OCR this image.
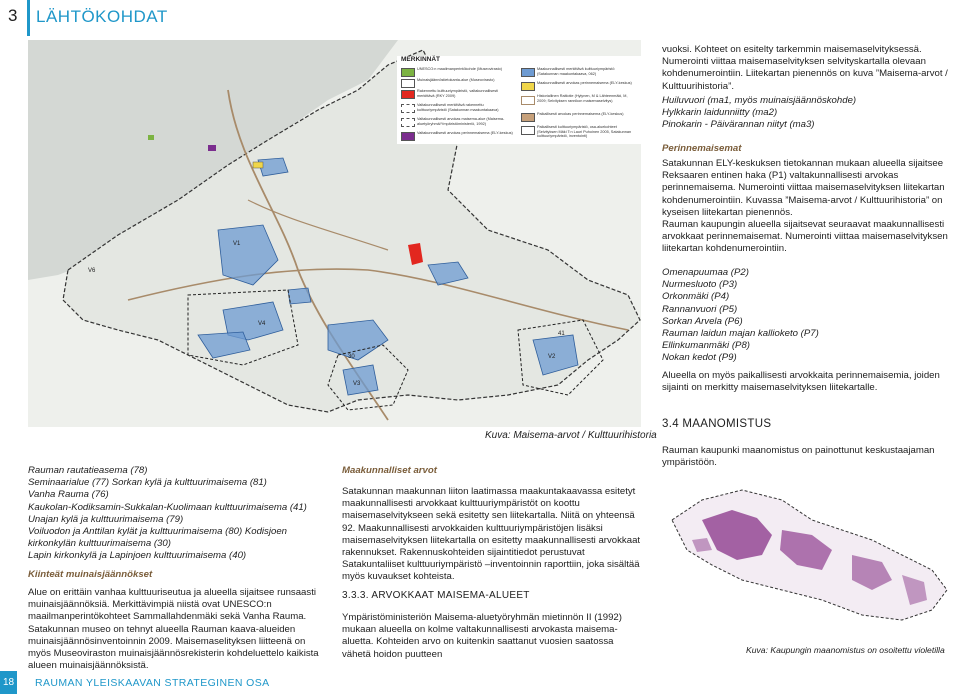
3 LÄHTÖKOHDAT
V1
V2
V3
V4
V6
30
41
MERKINNÄT
UNESCO:n maailmanperintökohde (Museovirasto)
Muinaisjäännöstietokanta-alue (Museovirasto)
Rakennettu kulttuuriympäristö, valtakunnallisesti merkittävä (RKY 2009)
Valtakunnallisesti merkittävä rakennettu kulttuuriympäristö (Satakunnan maakuntakaava)
Valtakunnallisesti arvokas maisema-alue (Maisema-aluetyöryhmä/Ympäristöministeriö, 1992)
Valtakunnallisesti arvokas perinnemaisema (ELY-keskus)
Maakunnallisesti merkittävä kulttuuriympäristö (Satakunnan maakuntakaava, 062)
Maakunnallisesti arvokas perinnemaisema (ELY-keskus)
Historiallinen Raitiotie (Hylynen, M & Lähteenmäki, M, 2009; Selvityksen rannikon maisemaselvitys)
Paikallisesti arvokas perinnemaisema (ELY-keskus)
Paikallisesti kulttuuriympäristö, osa-aluekohteet (Selvityksen Mäki T:n Lauri Puhoinen 2005, Satakunnan kulttuuriympäristö, inventointi)
Kuva: Maisema-arvot / Kulttuurihistoria
vuoksi. Kohteet on esitelty tarkemmin maisemaselvityksessä. Numerointi viittaa maisemaselvityksen selvityskartalla olevaan kohdenumerointiin. Liitekartan pienennös on kuva ”Maisema-arvot / Kulttuurihistoria”.
Huiluvuori (ma1, myös muinaisjäännöskohde)
Hylkkarin laidunniitty (ma2)
Pinokarin - Päivärannan niityt (ma3)
Perinnemaisemat
Satakunnan ELY-keskuksen tietokannan mukaan alueella sijaitsee Reksaaren entinen haka (P1) valtakunnallisesti arvokas perinnemaisema. Numerointi viittaa maisemaselvityksen liitekartan kohdenumerointiin. Kuvassa ”Maisema-arvot / Kulttuurihistoria” on kyseisen liitekartan pienennös.
Rauman kaupungin alueella sijaitsevat seuraavat maakunnallisesti arvokkaat perinnemaisemat. Numerointi viittaa maisemaselvityksen liitekartan kohdenumerointiin.
Omenapuumaa (P2)
Nurmesluoto (P3)
Orkonmäki (P4)
Rannanvuori (P5)
Sorkan Arvela (P6)
Rauman laidun majan kallioketo (P7)
Ellinkumanmäki (P8)
Nokan kedot (P9)
Alueella on myös paikallisesti arvokkaita perinnemaisemia, joiden sijainti on merkitty maisemaselvityksen liitekartalle.
3.4 MAANOMISTUS
Rauman kaupunki maanomistus on painottunut keskustaajaman ympäristöön.
Kuva: Kaupungin maanomistus on osoitettu violetilla
Rauman rautatieasema (78)
Seminaarialue (77) Sorkan kylä ja kulttuurimaisema (81)
Vanha Rauma (76)
Kaukolan-Kodiksamin-Sukkalan-Kuolimaan kulttuurimaisema (41)
Unajan kylä ja kulttuurimaisema (79)
Voiluodon ja Anttilan kylät ja kulttuurimaisema (80) Kodisjoen kirkonkylän kulttuurimaisema (30)
Lapin kirkonkylä ja Lapinjoen kulttuurimaisema (40)
Kiinteät muinaisjäännökset
Alue on erittäin vanhaa kulttuuriseutua ja alueella sijaitsee runsaasti muinaisjäännöksiä. Merkittävimpiä niistä ovat UNESCO:n maailmanperintökohteet Sammallahdenmäki sekä Vanha Rauma. Satakunnan museo on tehnyt alueella Rauman kaava-alueiden muinaisjäännösinventoinnin 2009. Maisemaselityksen liitteenä on myös Museoviraston muinaisjäännösrekisterin kohdeluettelo kaikista alueen muinaisjäännöksistä.
Maakunnalliset arvot
Satakunnan maakunnan liiton laatimassa maakuntakaavassa esitetyt maakunnallisesti arvokkaat kulttuuriympäristöt on koottu maisemaselvitykseen sekä esitetty sen liitekartalla. Niitä on yhteensä 92. Maakunnallisesti arvokkaiden kulttuuriympäristöjen lisäksi maisemaselvityksen liitekartalla on esitetty maakunnallisesti arvokkaat rakennukset. Rakennuskohteiden sijaintitiedot perustuvat Satakuntaliiset kulttuuriympäristö –inventoinnin raporttiin, joka sisältää myös kuvaukset kohteista.
3.3.3. ARVOKKAAT MAISEMA-ALUEET
Ympäristöministeriön Maisema-aluetyöryhmän mietinnön II (1992) mukaan alueella on kolme valtakunnallisesti arvokasta maisema-aluetta. Kohteiden arvo on kuitenkin saattanut vuosien saatossa vähetä hoidon puutteen
18 RAUMAN YLEISKAAVAN STRATEGINEN OSA
